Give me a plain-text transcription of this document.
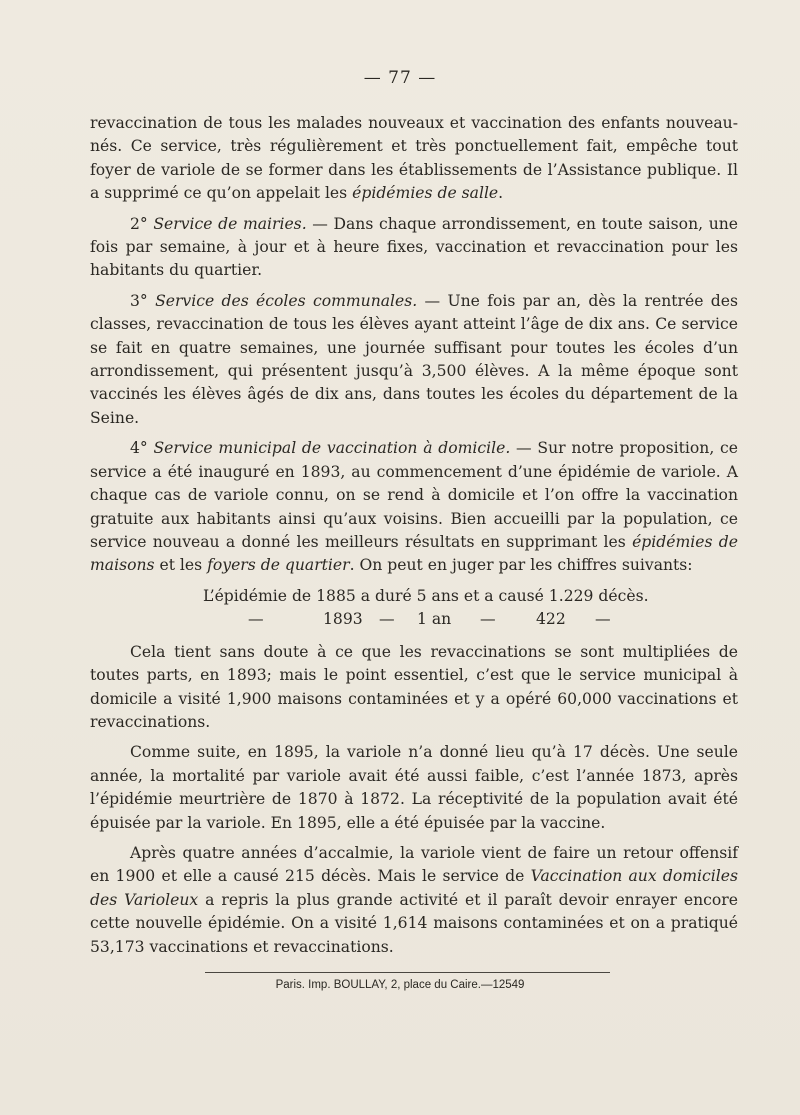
— 77 —

revaccination de tous les malades nouveaux et vaccination des enfants nouveau-nés. Ce service, très régulièrement et très ponctuellement fait, empêche tout foyer de variole de se former dans les établissements de l’Assistance publique. Il a supprimé ce qu’on appelait les épidémies de salle.

2° Service de mairies. — Dans chaque arrondissement, en toute saison, une fois par semaine, à jour et à heure fixes, vaccination et revaccination pour les habitants du quartier.

3° Service des écoles communales. — Une fois par an, dès la rentrée des classes, revaccination de tous les élèves ayant atteint l’âge de dix ans. Ce service se fait en quatre semaines, une journée suffisant pour toutes les écoles d’un arrondissement, qui présentent jusqu’à 3,500 élèves. A la même époque sont vaccinés les élèves âgés de dix ans, dans toutes les écoles du département de la Seine.

4° Service municipal de vaccination à domicile. — Sur notre proposition, ce service a été inauguré en 1893, au commencement d’une épidémie de variole. A chaque cas de variole connu, on se rend à domicile et l’on offre la vaccination gratuite aux habitants ainsi qu’aux voisins. Bien accueilli par la population, ce service nouveau a donné les meilleurs résultats en supprimant les épidémies de maisons et les foyers de quartier. On peut en juger par les chiffres suivants:

L’épidémie de 1885 a duré 5 ans et a causé 1.229 décès.
—	1893 — 1 an —	422 —

Cela tient sans doute à ce que les revaccinations se sont multipliées de toutes parts, en 1893; mais le point essentiel, c’est que le service municipal à domicile a visité 1,900 maisons contaminées et y a opéré 60,000 vaccinations et revaccinations.

Comme suite, en 1895, la variole n’a donné lieu qu’à 17 décès. Une seule année, la mortalité par variole avait été aussi faible, c’est l’année 1873, après l’épidémie meurtrière de 1870 à 1872. La réceptivité de la population avait été épuisée par la variole. En 1895, elle a été épuisée par la vaccine.

Après quatre années d’accalmie, la variole vient de faire un retour offensif en 1900 et elle a causé 215 décès. Mais le service de Vaccination aux domiciles des Varioleux a repris la plus grande activité et il paraît devoir enrayer encore cette nouvelle épidémie. On a visité 1,614 maisons contaminées et on a pratiqué 53,173 vaccinations et revaccinations.

Paris. Imp. BOULLAY, 2, place du Caire.—12549
